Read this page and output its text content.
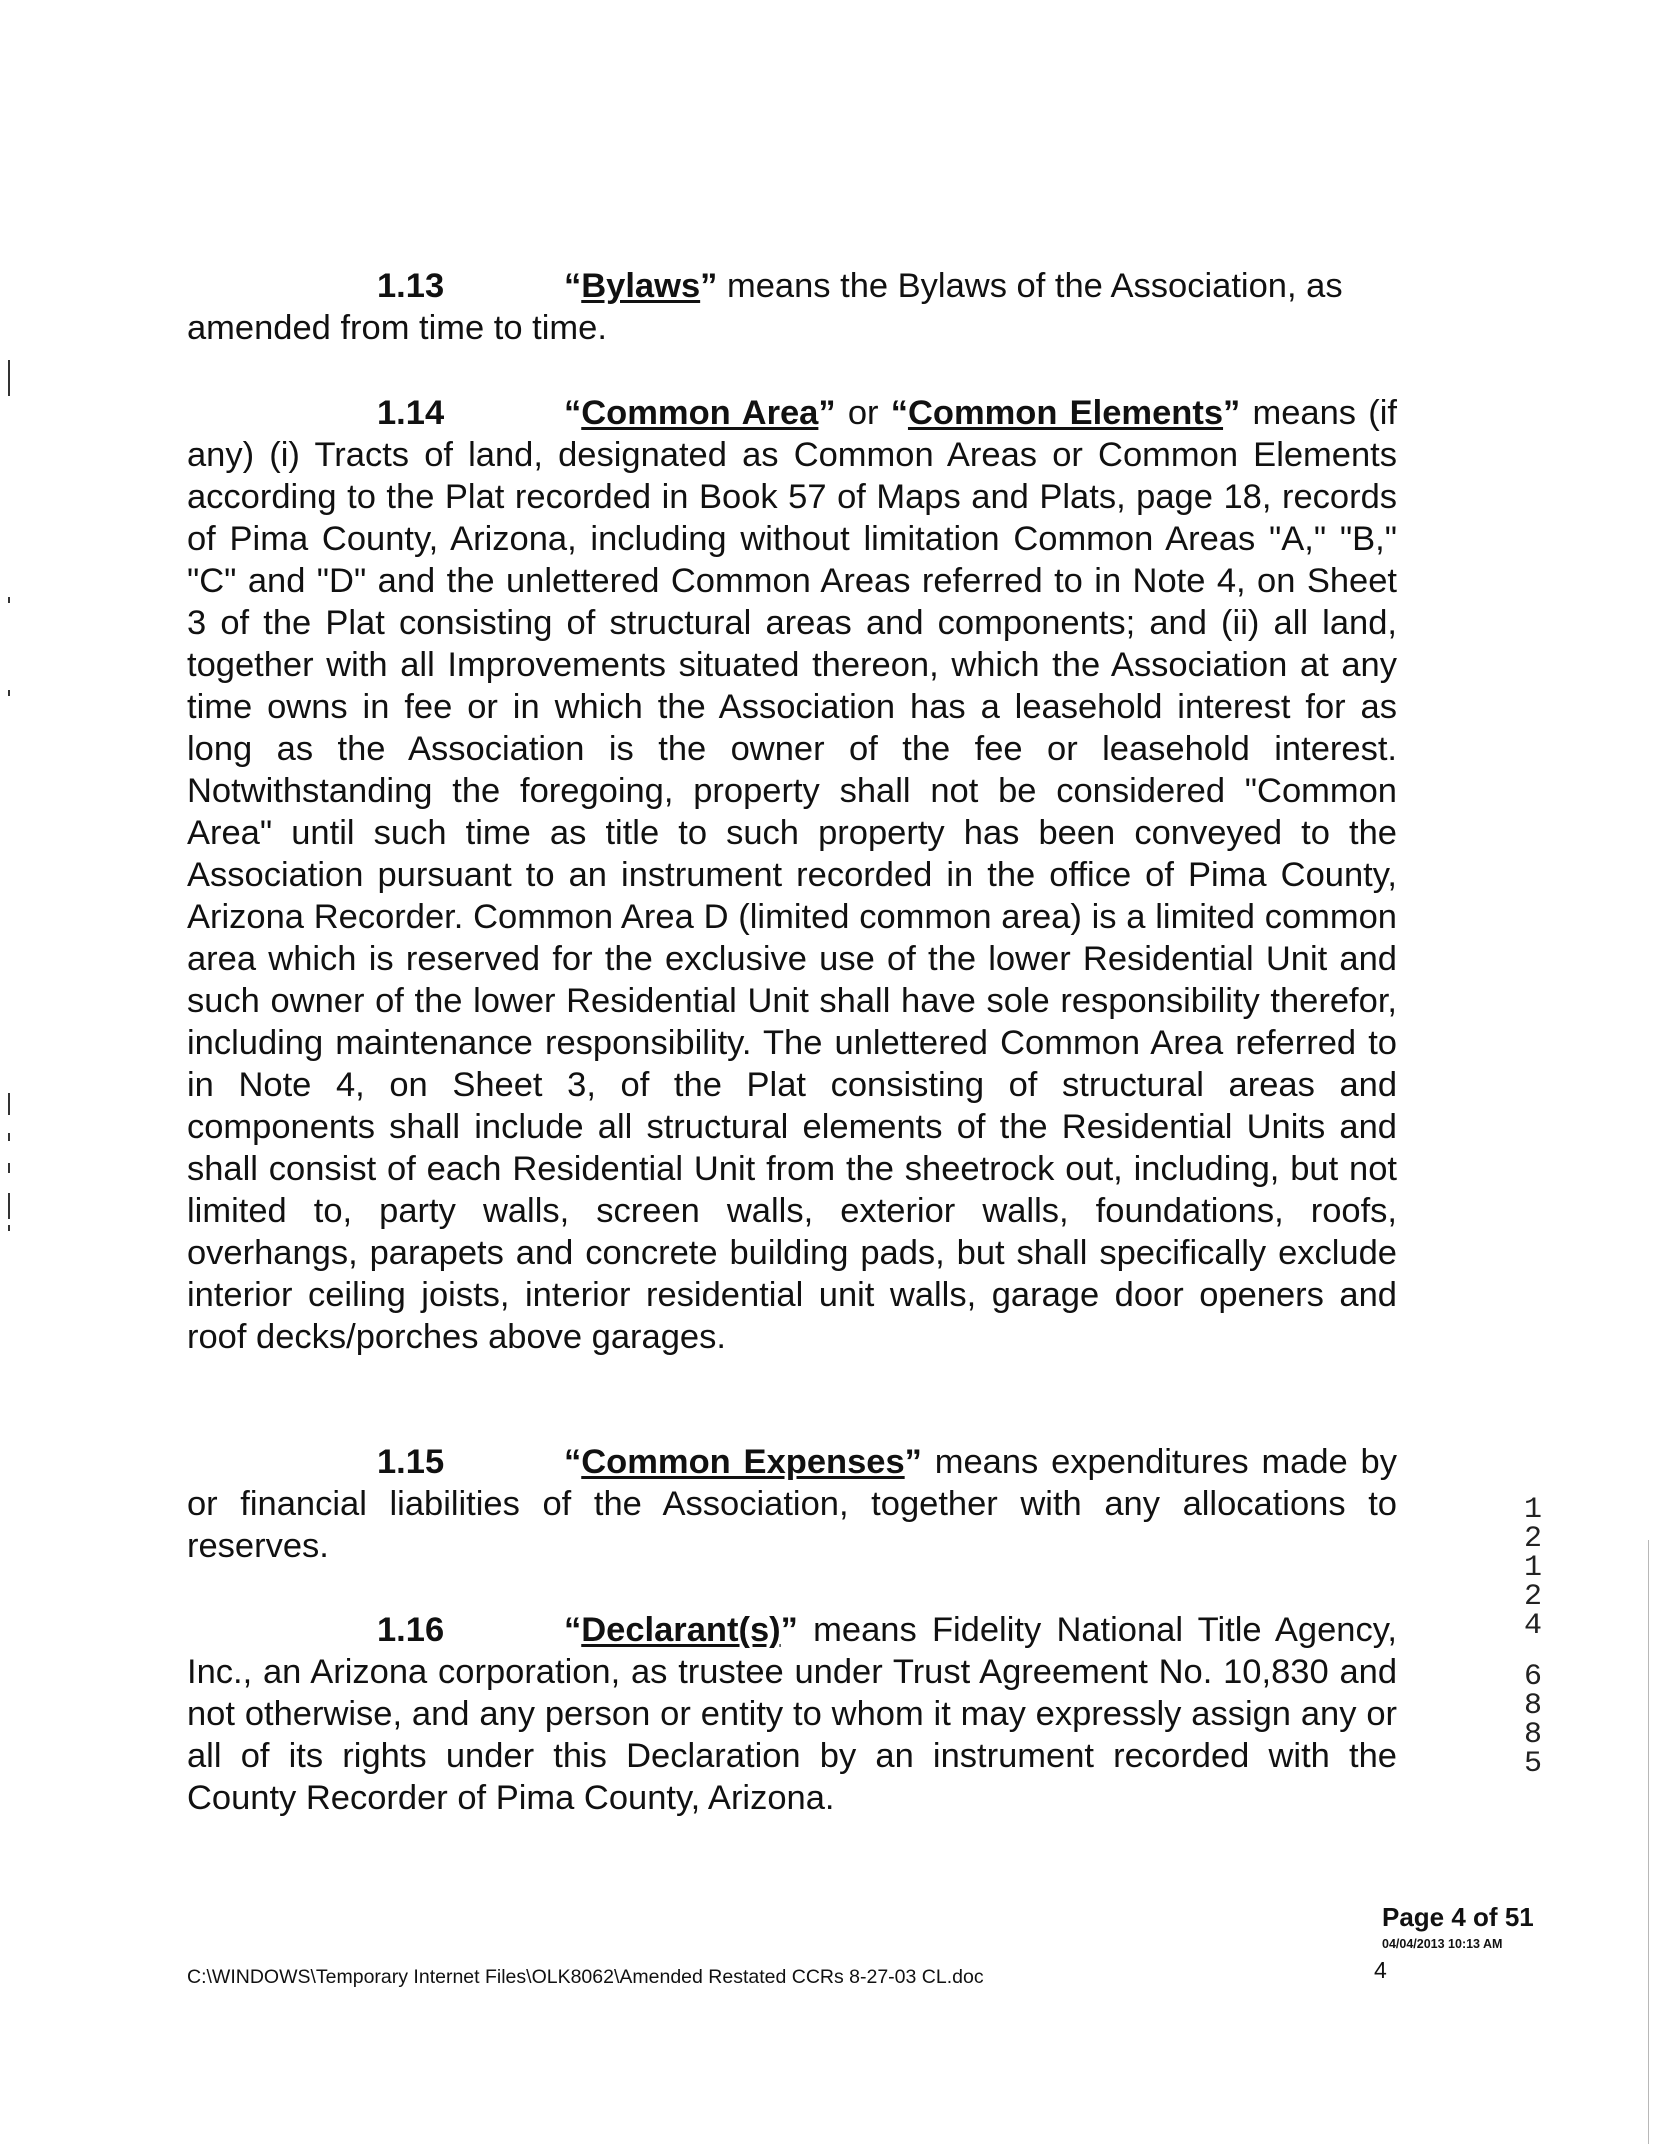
1.13	“Bylaws” means the Bylaws of the Association, as amended from time to time.
1.14	“Common Area” or “Common Elements” means (if any) (i) Tracts of land, designated as Common Areas or Common Elements according to the Plat recorded in Book 57 of Maps and Plats, page 18, records of Pima County, Arizona, including without limitation Common Areas "A," "B," "C" and "D" and the unlettered Common Areas referred to in Note 4, on Sheet 3 of the Plat consisting of structural areas and components; and (ii) all land, together with all Improvements situated thereon, which the Association at any time owns in fee or in which the Association has a leasehold interest for as long as the Association is the owner of the fee or leasehold interest. Notwithstanding the foregoing, property shall not be considered "Common Area" until such time as title to such property has been conveyed to the Association pursuant to an instrument recorded in the office of Pima County, Arizona Recorder. Common Area D (limited common area) is a limited common area which is reserved for the exclusive use of the lower Residential Unit and such owner of the lower Residential Unit shall have sole responsibility therefor, including maintenance responsibility. The unlettered Common Area referred to in Note 4, on Sheet 3, of the Plat consisting of structural areas and components shall include all structural elements of the Residential Units and shall consist of each Residential Unit from the sheetrock out, including, but not limited to, party walls, screen walls, exterior walls, foundations, roofs, overhangs, parapets and concrete building pads, but shall specifically exclude interior ceiling joists, interior residential unit walls, garage door openers and roof decks/porches above garages.
1.15	“Common Expenses” means expenditures made by or financial liabilities of the Association, together with any allocations to reserves.
1.16	“Declarant(s)” means Fidelity National Title Agency, Inc., an Arizona corporation, as trustee under Trust Agreement No. 10,830 and not otherwise, and any person or entity to whom it may expressly assign any or all of its rights under this Declaration by an instrument recorded with the County Recorder of Pima County, Arizona.
1
2
1
2
4
6
8
8
5
Page 4 of 51
04/04/2013 10:13 AM
C:\WINDOWS\Temporary Internet Files\OLK8062\Amended Restated CCRs 8-27-03 CL.doc	4
